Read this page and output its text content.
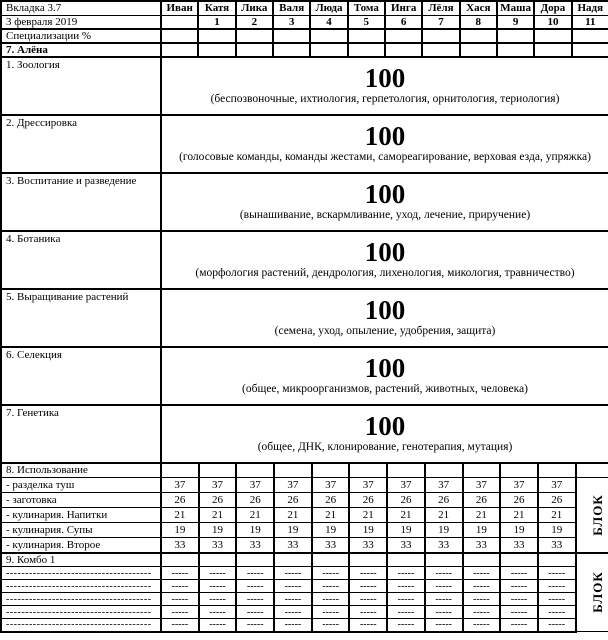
Вкладка 3.7	Иван	Катя	Лика	Валя	Люда	Тома	Инга	Лёля	Хася	Маша	Дора	Надя
3 февраля 2019		1	2	3	4	5	6	7	8	9	10	11
Специализации %												
7. Алёна												
1. Зоология	100
(беспозвоночные, ихтиология, герпетология, орнитология, териология)

2. Дрессировка	100
(голосовые команды, команды жестами, самореагирование, верховая езда, упряжка)

3. Воспитание и разведение	100
(вынашивание, вскармливание, уход, лечение, приручение)

4. Ботаника	100
(морфология растений, дендрология, лихенология, микология, травничество)

5. Выращивание растений	100
(семена, уход, опыление, удобрения, защита)

6. Селекция	100
(общее, микроорганизмов, растений, животных, человека)

7. Генетика	100
(общее, ДНК, клонирование, генотерапия, мутация)
8. Использование												
- разделка туш	37	37	37	37	37	37	37	37	37	37	37	БЛОК
- заготовка	26	26	26	26	26	26	26	26	26	26	26	
- кулинария. Напитки	21	21	21	21	21	21	21	21	21	21	21	
- кулинария. Супы	19	19	19	19	19	19	19	19	19	19	19	
- кулинария. Второе	33	33	33	33	33	33	33	33	33	33	33	
9. Комбо 1												БЛОК
--------------------------------------	-----	-----	-----	-----	-----	-----	-----	-----	-----	-----	-----	
--------------------------------------	-----	-----	-----	-----	-----	-----	-----	-----	-----	-----	-----	
--------------------------------------	-----	-----	-----	-----	-----	-----	-----	-----	-----	-----	-----	
--------------------------------------	-----	-----	-----	-----	-----	-----	-----	-----	-----	-----	-----	
--------------------------------------	-----	-----	-----	-----	-----	-----	-----	-----	-----	-----	-----	
